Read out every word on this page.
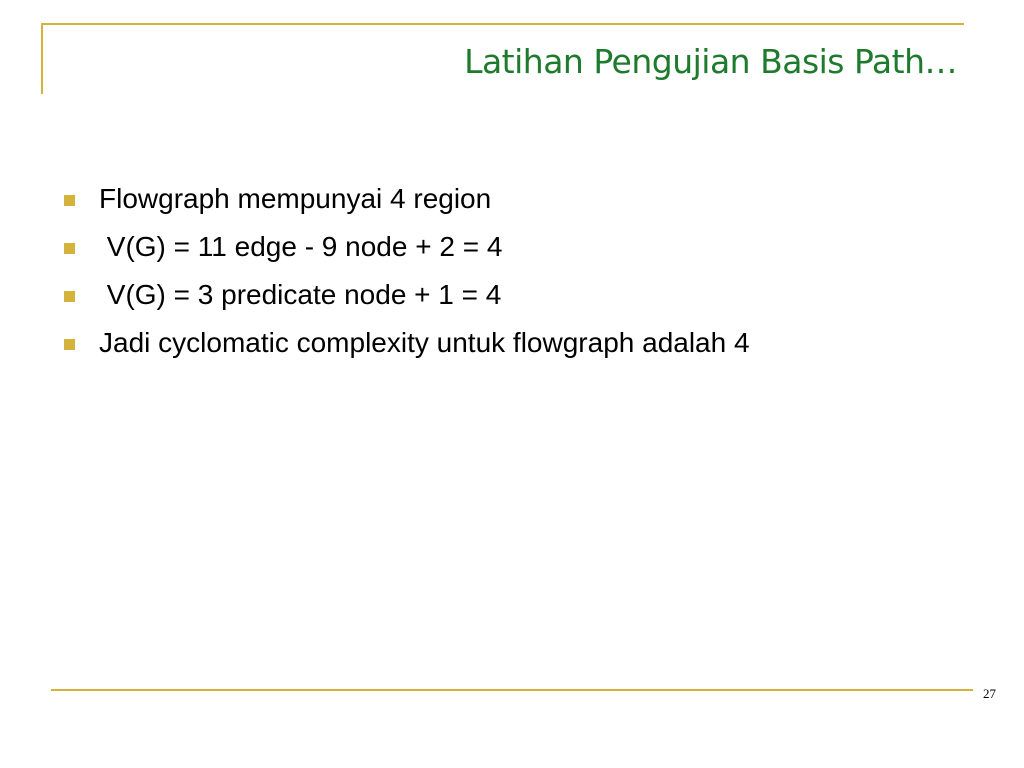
Latihan Pengujian Basis Path…

Flowgraph mempunyai 4 region

V(G) = 11 edge - 9 node + 2 = 4

V(G) = 3 predicate node + 1 = 4

Jadi cyclomatic complexity untuk flowgraph adalah 4

27
